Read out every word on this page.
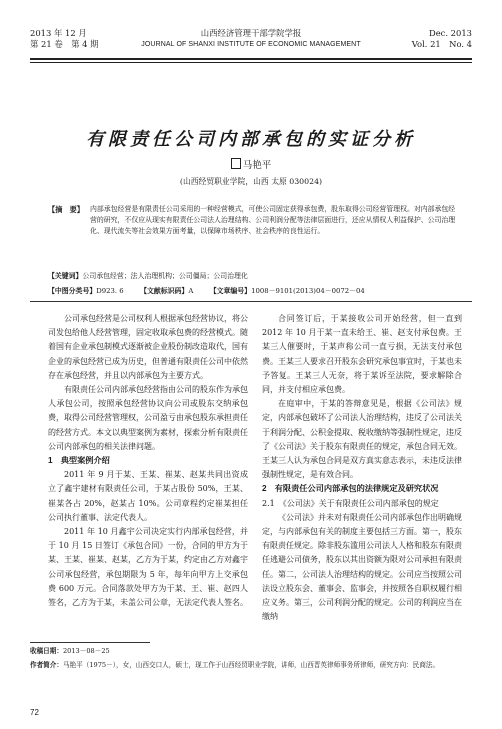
2013 年 12 月
第 21 卷　第 4 期
山西经济管理干部学院学报
JOURNAL OF SHANXI INSTITUTE OF ECONOMIC MANAGEMENT
Dec. 2013
Vol. 21　No. 4
有限责任公司内部承包的实证分析
马艳平
(山西经贸职业学院，山西 太原 030024)
【摘　要】 内部承包经营是有限责任公司采用的一种经营模式，可使公司固定获得承包费，股东取得公司经营管理权。对内部承包经营的研究，不仅应从现实有限责任公司法人治理结构、公司利润分配等法律层面进行，还应从情权人利益保护、公司治理化、现代流失等社会效果方面考量，以保障市场秩序、社会秩序的良性运行。
【关键词】公司承包经营；法人治理机构；公司僵局；公司治理化
【中图分类号】D923. 6 【文献标识码】A 【文章编号】1008－9101(2013)04－0072－04

公司承包经营是公司权利人根据承包经营协议，将公司发包给他人经营管理，固定收取承包费的经营模式。随着国有企业承包制模式逐渐被企业股份制改造取代，国有企业的承包经营已成为历史，但普通有限责任公司中依然存在承包经营，并且以内部承包为主要方式。

有限责任公司内部承包经营指由公司的股东作为承包人承包公司，按照承包经营协议向公司或股东交纳承包费，取得公司经营管理权，公司盈亏由承包股东承担责任的经营方式。本文以典型案例为素材，探索分析有限责任公司内部承包的相关法律问题。

1　典型案例介绍

2011 年 9 月于某、王某、崔某、赵某共同出资成立了鑫宇建材有限责任公司，于某占股份 50%，王某、崔某各占 20%，赵某占 10%。公司章程约定崔某担任公司执行董事、法定代表人。

2011 年 10 月鑫宇公司决定实行内部承包经营，并于 10 月 15 日签订《承包合同》一份，合同的甲方为于某、王某、崔某、赵某，乙方为于某，约定由乙方对鑫宇公司承包经营，承包期限为 5 年，每年向甲方上交承包费 600 万元。合同落款处甲方为于某、王、崔、赵四人签名，乙方为于某，未盖公司公章，无法定代表人签名。

合同签订后，于某接收公司开始经营，但一直到 2012 年 10 月于某一直未给王、崔、赵支付承包费。王某三人催要时，于某声称公司一直亏损，无法支付承包费。王某三人要求召开股东会研究承包事宜时，于某也未予答复。王某三人无奈，将于某诉至法院，要求解除合同，并支付相应承包费。

在庭审中，于某的答辩意见是，根据《公司法》规定，内部承包破坏了公司法人治理结构，违反了公司法关于利润分配、公积金提取、税收缴纳等强制性规定，违反了《公司法》关于股东有限责任的规定，承包合同无效。王某三人认为承包合同是双方真实意志表示，未违反法律强制性规定，是有效合同。

2　有限责任公司内部承包的法律规定及研究状况
2.1　《公司法》关于有限责任公司内部承包的规定

《公司法》并未对有限责任公司内部承包作出明确规定，与内部承包有关的制度主要包括三方面。第一，股东有限责任规定。除非股东滥用公司法人人格和股东有限责任逃避公司债务，股东以其出资额为限对公司承担有限责任。第二，公司法人治理结构的规定。公司应当按照公司法设立股东会、董事会、监事会，并按照各自职权履行相应义务。第三，公司利润分配的规定。公司的利润应当在缴纳

收稿日期：2013－08－25
作者简介：马艳平（1975－），女，山西交口人，硕士，现工作于山西经贸职业学院，讲师，山西晋英律师事务所律师，研究方向：民商法。
72
